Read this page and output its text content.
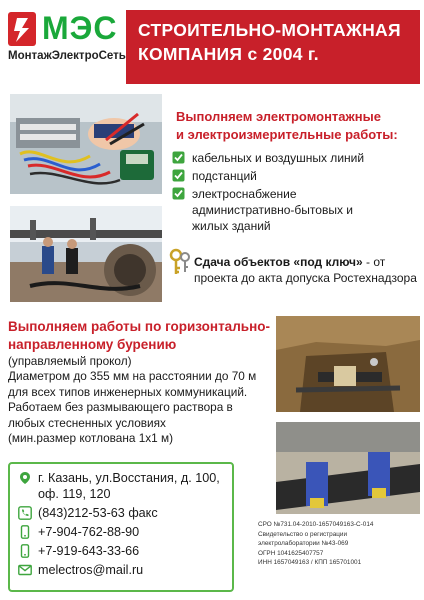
МЭС
МонтажЭлектроСеть
СТРОИТЕЛЬНО-МОНТАЖНАЯ
КОМПАНИЯ с 2004 г.
Выполняем электромонтажные
и электроизмерительные работы:
кабельных и воздушных линий
подстанций
электроснабжение административно-бытовых и жилых зданий
Сдача объектов «под ключ» - от проекта до акта допуска Ростехнадзора
Выполняем работы по горизонтально-направленному бурению
(управляемый прокол)
Диаметром до 355 мм на расстоянии до 70 м для всех типов инженерных коммуникаций.
Работаем без размывающего раствора в любых стесненных условиях
(мин.размер котлована 1х1 м)
г. Казань, ул.Восстания, д. 100, оф. 119, 120
(843)212-53-63 факс
+7-904-762-88-90
+7-919-643-33-66
melectros@mail.ru
СРО №731.04-2010-1657049163-С-014
Свидетельство о регистрации
электролаборатории №43-069
ОГРН 1041625407757
ИНН 1657049163 / КПП 165701001
